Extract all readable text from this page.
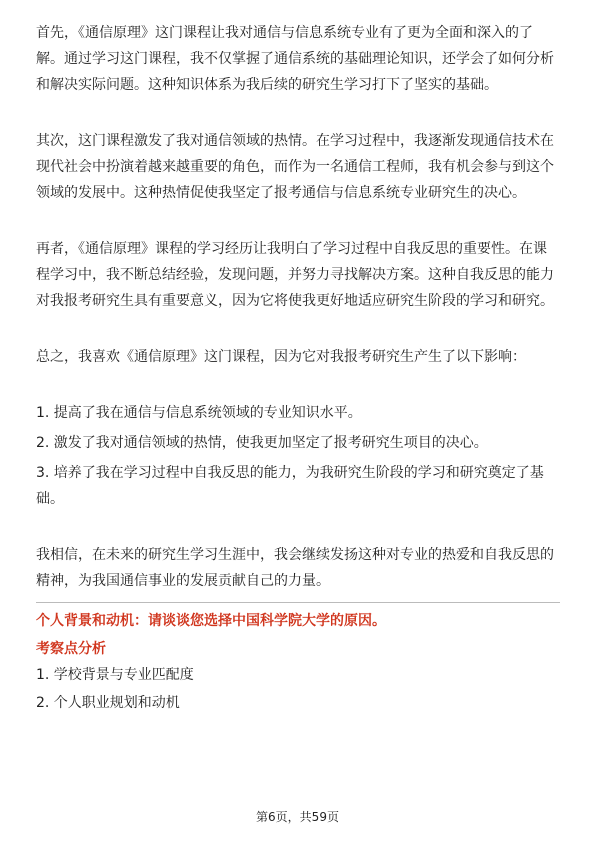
首先，《通信原理》这门课程让我对通信与信息系统专业有了更为全面和深入的了解。通过学习这门课程，我不仅掌握了通信系统的基础理论知识，还学会了如何分析和解决实际问题。这种知识体系为我后续的研究生学习打下了坚实的基础。

其次，这门课程激发了我对通信领域的热情。在学习过程中，我逐渐发现通信技术在现代社会中扮演着越来越重要的角色，而作为一名通信工程师，我有机会参与到这个领域的发展中。这种热情促使我坚定了报考通信与信息系统专业研究生的决心。

再者，《通信原理》课程的学习经历让我明白了学习过程中自我反思的重要性。在课程学习中，我不断总结经验，发现问题，并努力寻找解决方案。这种自我反思的能力对我报考研究生具有重要意义，因为它将使我更好地适应研究生阶段的学习和研究。

总之，我喜欢《通信原理》这门课程，因为它对我报考研究生产生了以下影响：

1. 提高了我在通信与信息系统领域的专业知识水平。

2. 激发了我对通信领域的热情，使我更加坚定了报考研究生项目的决心。

3. 培养了我在学习过程中自我反思的能力，为我研究生阶段的学习和研究奠定了基础。

我相信，在未来的研究生学习生涯中，我会继续发扬这种对专业的热爱和自我反思的精神，为我国通信事业的发展贡献自己的力量。

个人背景和动机：请谈谈您选择中国科学院大学的原因。

考察点分析

1. 学校背景与专业匹配度

2. 个人职业规划和动机

第6页，共59页
